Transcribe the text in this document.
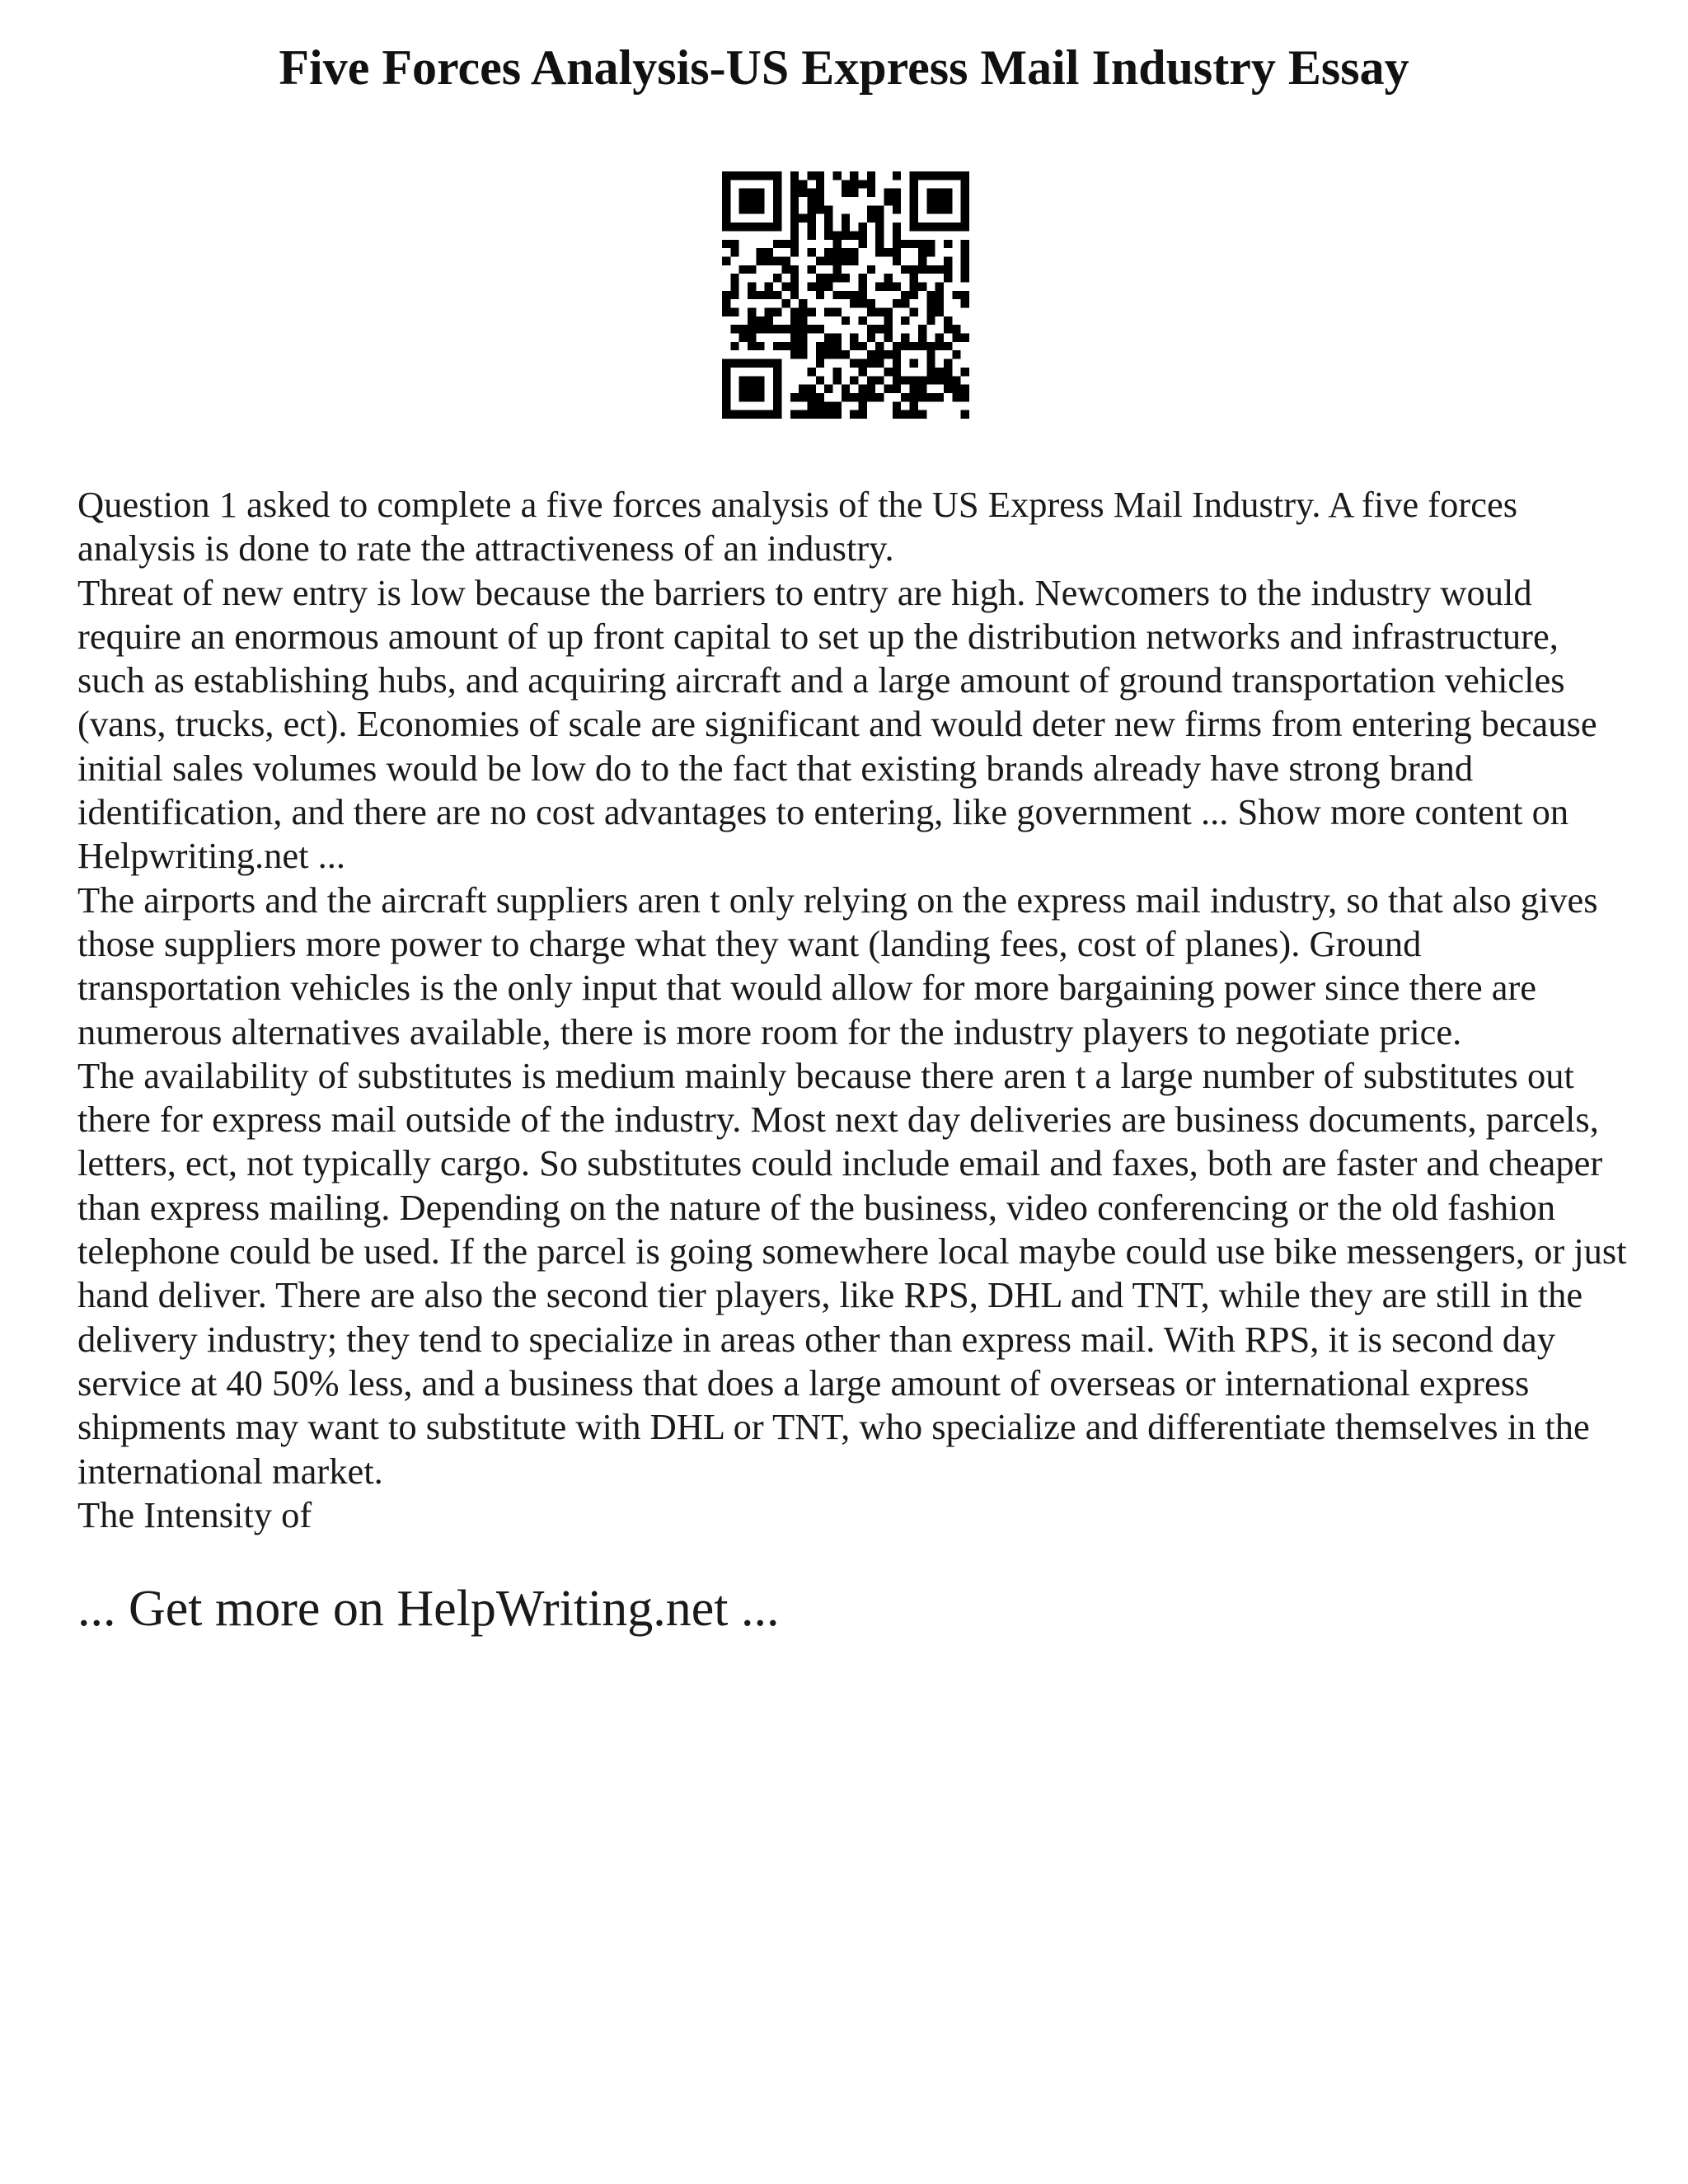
Five Forces Analysis-US Express Mail Industry Essay

Question 1 asked to complete a five forces analysis of the US Express Mail Industry. A five forces analysis is done to rate the attractiveness of an industry.

Threat of new entry is low because the barriers to entry are high. Newcomers to the industry would require an enormous amount of up front capital to set up the distribution networks and infrastructure, such as establishing hubs, and acquiring aircraft and a large amount of ground transportation vehicles (vans, trucks, ect). Economies of scale are significant and would deter new firms from entering because initial sales volumes would be low do to the fact that existing brands already have strong brand identification, and there are no cost advantages to entering, like government ... Show more content on Helpwriting.net ...

The airports and the aircraft suppliers aren t only relying on the express mail industry, so that also gives those suppliers more power to charge what they want (landing fees, cost of planes). Ground transportation vehicles is the only input that would allow for more bargaining power since there are numerous alternatives available, there is more room for the industry players to negotiate price.

The availability of substitutes is medium mainly because there aren t a large number of substitutes out there for express mail outside of the industry. Most next day deliveries are business documents, parcels, letters, ect, not typically cargo. So substitutes could include email and faxes, both are faster and cheaper than express mailing. Depending on the nature of the business, video conferencing or the old fashion telephone could be used. If the parcel is going somewhere local maybe could use bike messengers, or just hand deliver. There are also the second tier players, like RPS, DHL and TNT, while they are still in the delivery industry; they tend to specialize in areas other than express mail. With RPS, it is second day service at 40 50% less, and a business that does a large amount of overseas or international express shipments may want to substitute with DHL or TNT, who specialize and differentiate themselves in the international market.

The Intensity of

... Get more on HelpWriting.net ...
